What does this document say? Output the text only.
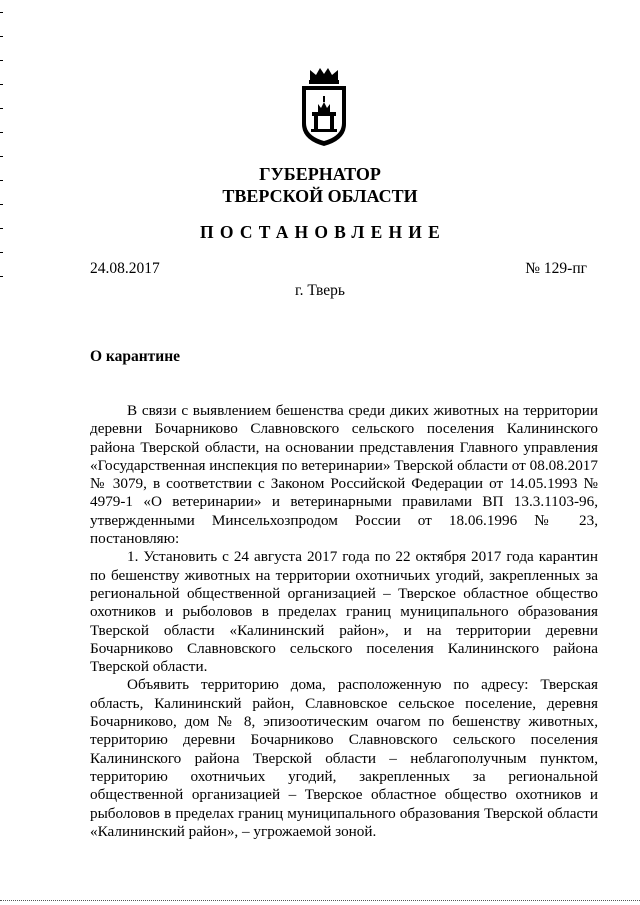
ГУБЕРНАТОР
ТВЕРСКОЙ ОБЛАСТИ
ПОСТАНОВЛЕНИЕ
24.08.2017	№ 129-пг
г. Тверь
О карантине

В связи с выявлением бешенства среди диких животных на территории деревни Бочарниково Славновского сельского поселения Калининского района Тверской области, на основании представления Главного управления «Государственная инспекция по ветеринарии» Тверской области от 08.08.2017 № 3079, в соответствии с Законом Российской Федерации от 14.05.1993 № 4979-1 «О ветеринарии» и ветеринарными правилами ВП 13.3.1103-96, утвержденными Минсельхозпродом России от 18.06.1996 № 23, постановляю:

1. Установить с 24 августа 2017 года по 22 октября 2017 года карантин по бешенству животных на территории охотничьих угодий, закрепленных за региональной общественной организацией – Тверское областное общество охотников и рыболовов в пределах границ муниципального образования Тверской области «Калининский район», и на территории деревни Бочарниково Славновского сельского поселения Калининского района Тверской области.

Объявить территорию дома, расположенную по адресу: Тверская область, Калининский район, Славновское сельское поселение, деревня Бочарниково, дом № 8, эпизоотическим очагом по бешенству животных, территорию деревни Бочарниково Славновского сельского поселения Калининского района Тверской области – неблагополучным пунктом, территорию охотничьих угодий, закрепленных за региональной общественной организацией – Тверское областное общество охотников и рыболовов в пределах границ муниципального образования Тверской области «Калининский район», – угрожаемой зоной.
